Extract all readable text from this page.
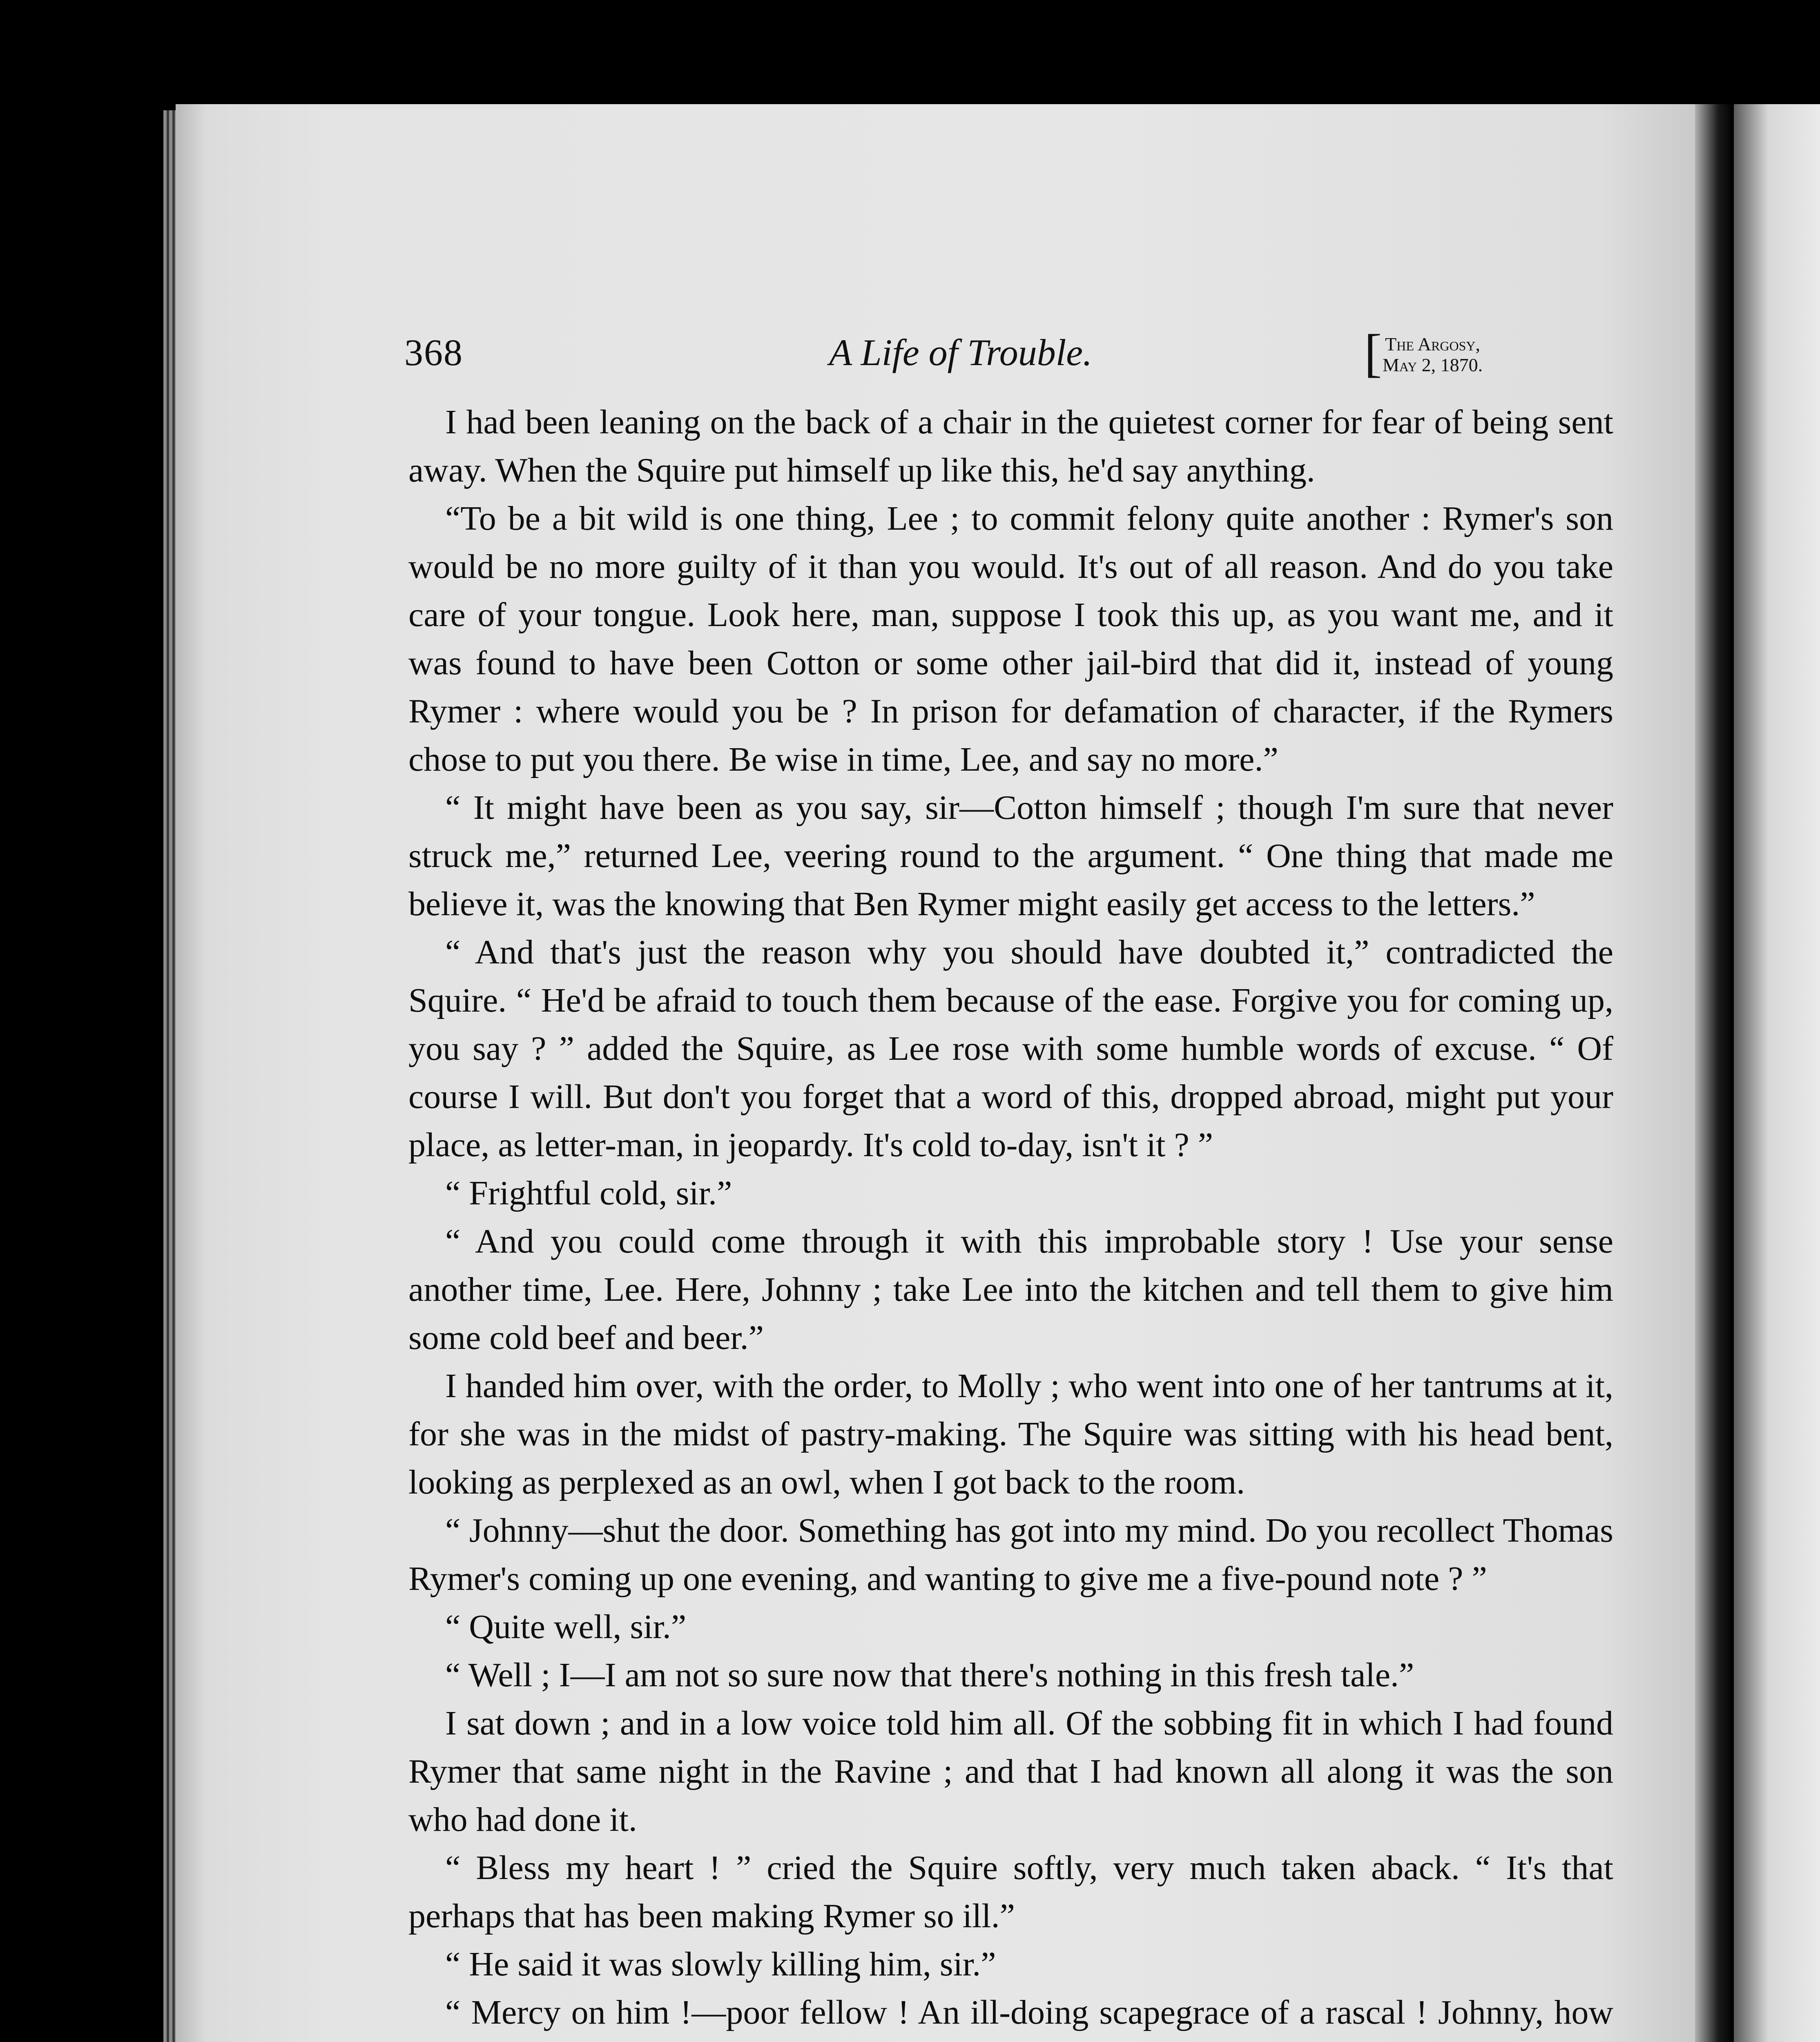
368	A Life of Trouble.	[ The Argosy,
May 2, 1870.

I had been leaning on the back of a chair in the quietest corner for fear of being sent away. When the Squire put himself up like this, he'd say anything.

“To be a bit wild is one thing, Lee ; to commit felony quite another : Rymer's son would be no more guilty of it than you would. It's out of all reason. And do you take care of your tongue. Look here, man, suppose I took this up, as you want me, and it was found to have been Cotton or some other jail-bird that did it, instead of young Rymer : where would you be ? In prison for defamation of character, if the Rymers chose to put you there. Be wise in time, Lee, and say no more.”

“ It might have been as you say, sir—Cotton himself ; though I'm sure that never struck me,” returned Lee, veering round to the argument. “ One thing that made me believe it, was the knowing that Ben Rymer might easily get access to the letters.”

“ And that's just the reason why you should have doubted it,” contradicted the Squire. “ He'd be afraid to touch them because of the ease. Forgive you for coming up, you say ? ” added the Squire, as Lee rose with some humble words of excuse. “ Of course I will. But don't you forget that a word of this, dropped abroad, might put your place, as letter-man, in jeopardy. It's cold to-day, isn't it ? ”

“ Frightful cold, sir.”

“ And you could come through it with this improbable story ! Use your sense another time, Lee. Here, Johnny ; take Lee into the kitchen and tell them to give him some cold beef and beer.”

I handed him over, with the order, to Molly ; who went into one of her tantrums at it, for she was in the midst of pastry-making. The Squire was sitting with his head bent, looking as perplexed as an owl, when I got back to the room.

“ Johnny—shut the door. Something has got into my mind. Do you recollect Thomas Rymer's coming up one evening, and wanting to give me a five-pound note ? ”

“ Quite well, sir.”

“ Well ; I—I am not so sure now that there's nothing in this fresh tale.”

I sat down ; and in a low voice told him all. Of the sobbing fit in which I had found Rymer that same night in the Ravine ; and that I had known all along it was the son who had done it.

“ Bless my heart ! ” cried the Squire softly, very much taken aback. “ It's that perhaps that has been making Rymer so ill.”

“ He said it was slowly killing him, sir.”

“ Mercy on him !—poor fellow ! An ill-doing scapegrace of a rascal ! Johnny, how
